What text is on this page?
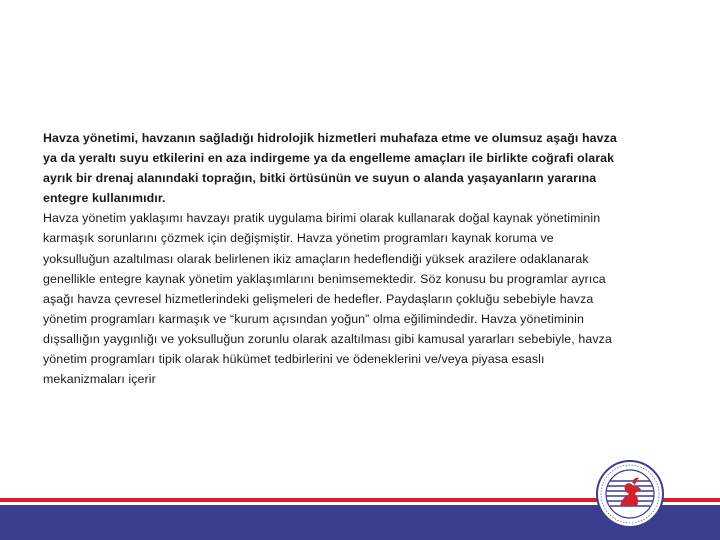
Havza yönetimi, havzanın sağladığı hidrolojik hizmetleri muhafaza etme ve olumsuz aşağı havza ya da yeraltı suyu etkilerini en aza indirgeme ya da engelleme amaçları ile birlikte coğrafi olarak ayrık bir drenaj alanındaki toprağın, bitki örtüsünün ve suyun o alanda yaşayanların yararına entegre kullanımıdır.

Havza yönetim yaklaşımı havzayı pratik uygulama birimi olarak kullanarak doğal kaynak yönetiminin karmaşık sorunlarını çözmek için değişmiştir. Havza yönetim programları kaynak koruma ve yoksulluğun azaltılması olarak belirlenen ikiz amaçların hedeflendiği yüksek arazilere odaklanarak genellikle entegre kaynak yönetim yaklaşımlarını benimsemektedir. Söz konusu bu programlar ayrıca aşağı havza çevresel hizmetlerindeki gelişmeleri de hedefler. Paydaşların çokluğu sebebiyle havza yönetim programları karmaşık ve “kurum açısından yoğun” olma eğilimindedir. Havza yönetiminin dışsallığın yaygınlığı ve yoksulluğun zorunlu olarak azaltılması gibi kamusal yararları sebebiyle, havza yönetim programları tipik olarak hükümet tedbirlerini ve ödeneklerini ve/veya piyasa esaslı mekanizmaları içerir
